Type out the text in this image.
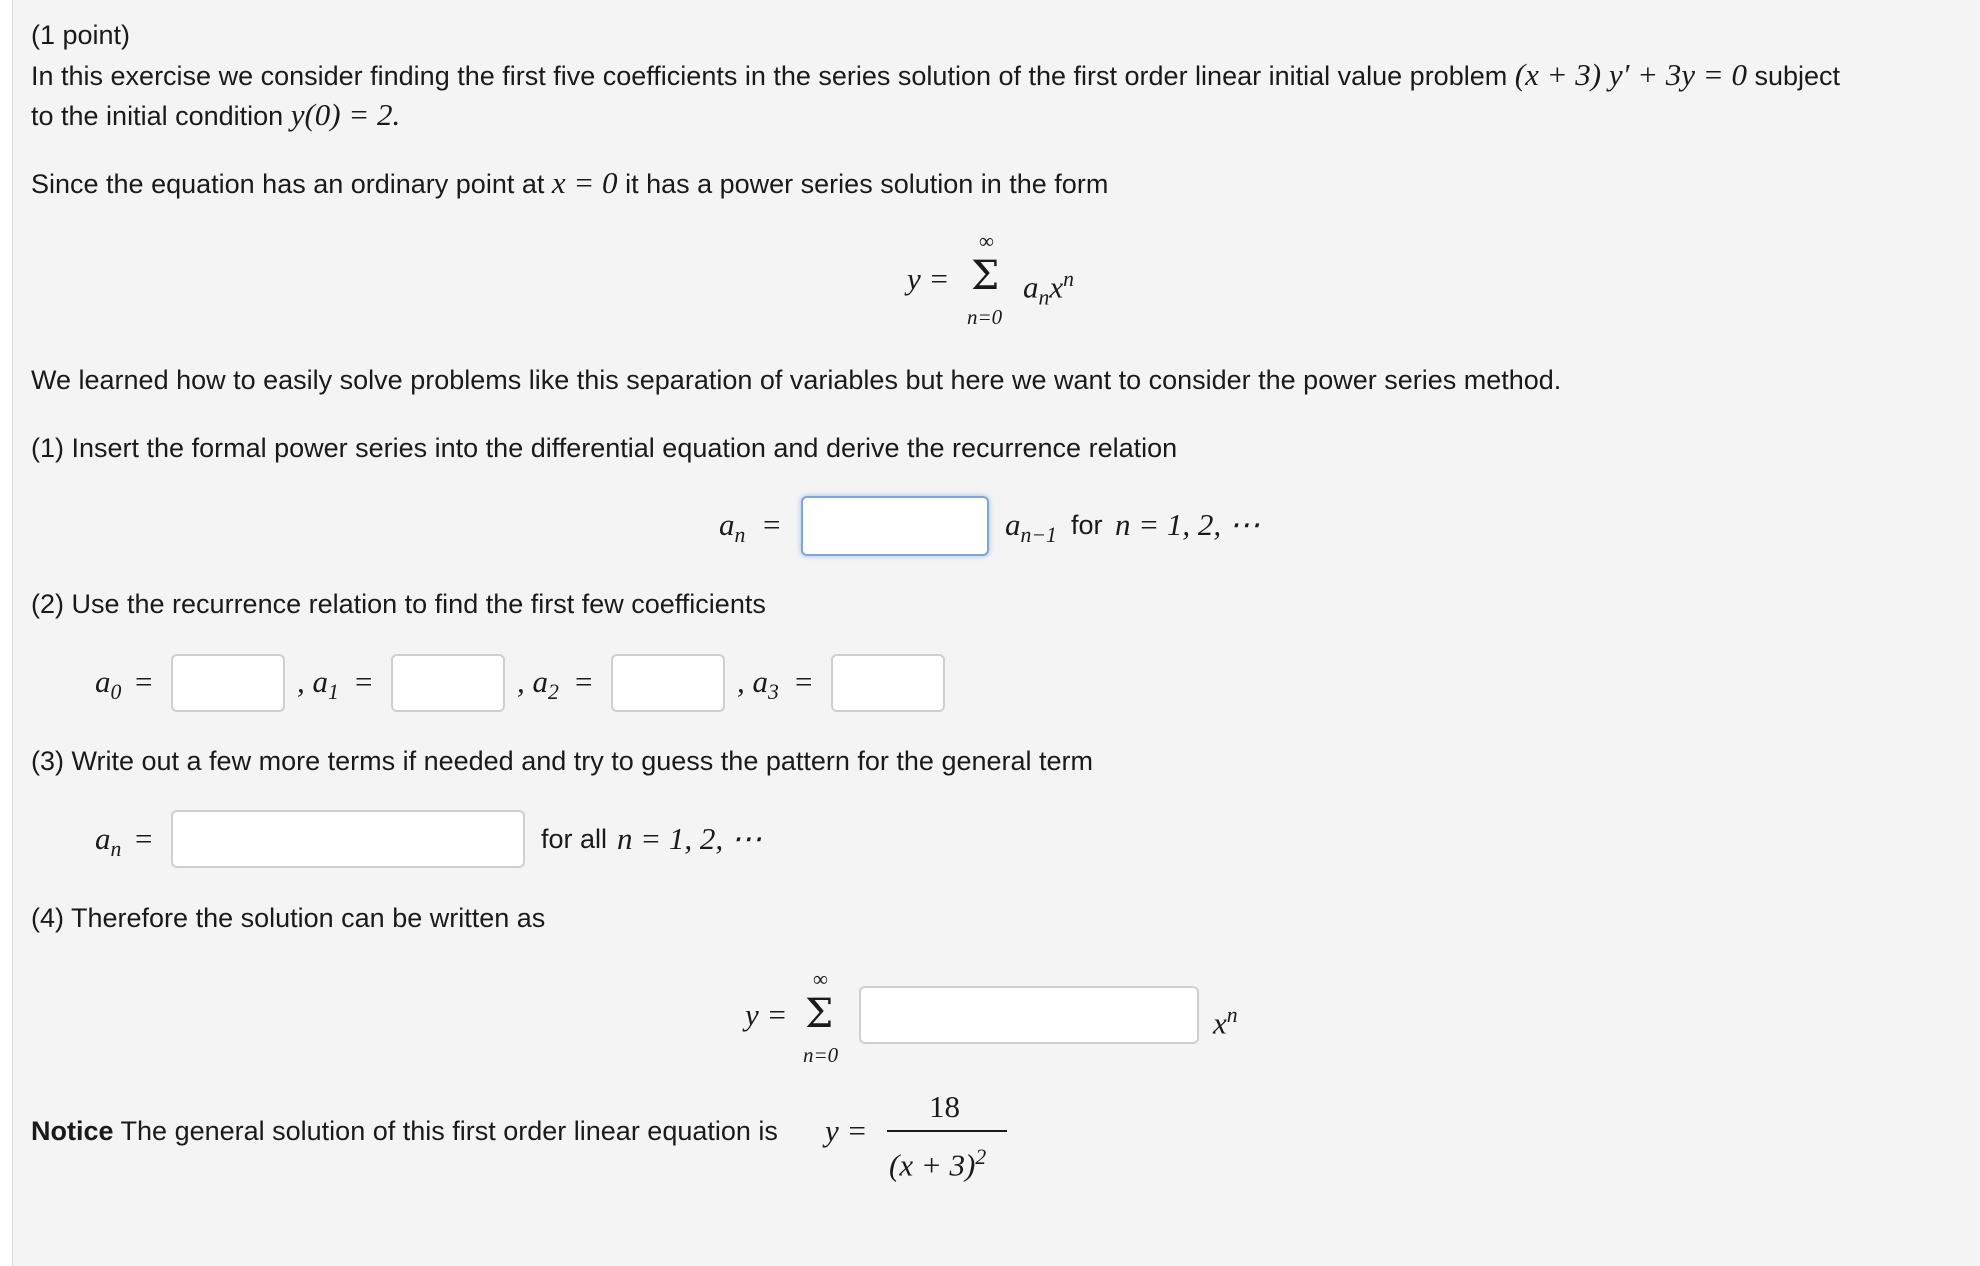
(1 point)
In this exercise we consider finding the first five coefficients in the series solution of the first order linear initial value problem (x + 3) y′ + 3y = 0 subject
to the initial condition y(0) = 2.
Since the equation has an ordinary point at x = 0 it has a power series solution in the form
y =
∞
Σ
n=0
$a_nx^n$
We learned how to easily solve problems like this separation of variables but here we want to consider the power series method.
(1) Insert the formal power series into the differential equation and derive the recurrence relation
$a_n$ =	$a_{n-1}$ for n = 1, 2, ⋯
(2) Use the recurrence relation to find the first few coefficients
$a_0$ =	, $a_1$ =	, $a_2$ =	, $a_3$ =
(3) Write out a few more terms if needed and try to guess the pattern for the general term
$a_n$ =	for all n = 1, 2, ⋯
(4) Therefore the solution can be written as
y =
∞
Σ
n=0
$x^n$
Notice The general solution of this first order linear equation is y =
18
$(x + 3)^2$
